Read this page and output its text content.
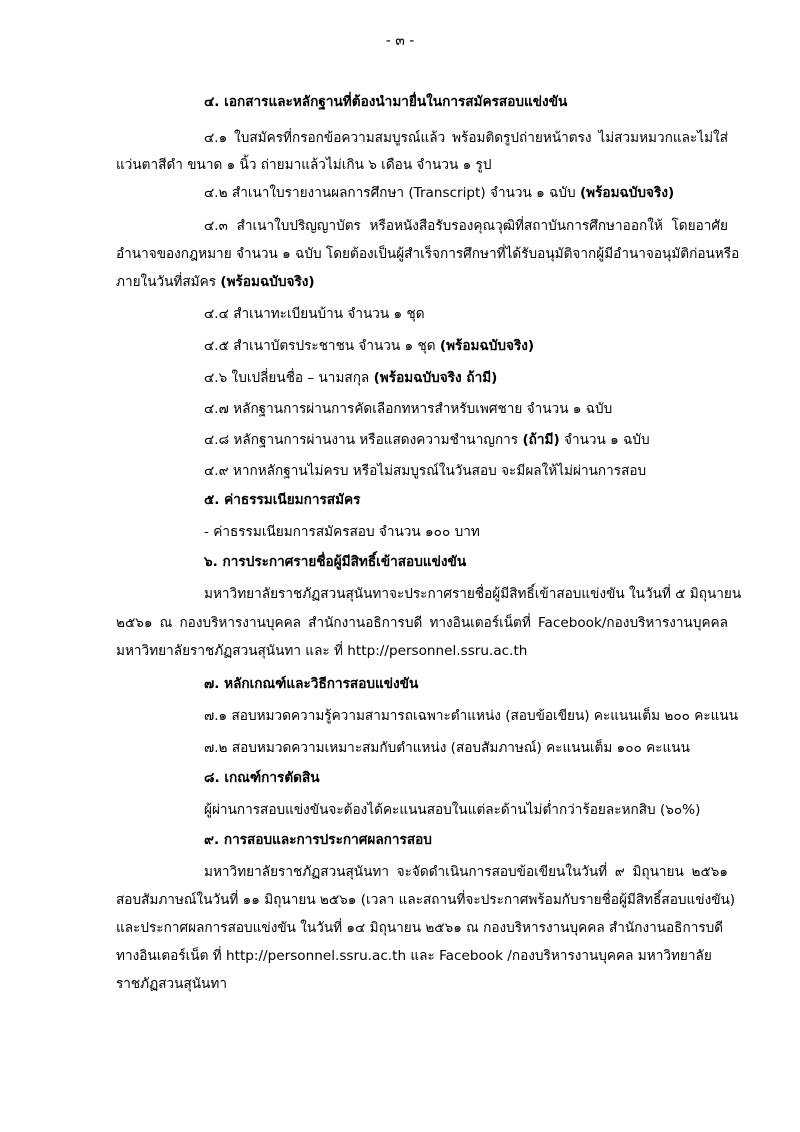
- ๓ -
๔. เอกสารและหลักฐานที่ต้องนำมายื่นในการสมัครสอบแข่งขัน
๔.๑ ใบสมัครที่กรอกข้อความสมบูรณ์แล้ว พร้อมติดรูปถ่ายหน้าตรง ไม่สวมหมวกและไม่ใส่
แว่นตาสีดำ ขนาด ๑ นิ้ว ถ่ายมาแล้วไม่เกิน ๖ เดือน จำนวน ๑ รูป
๔.๒ สำเนาใบรายงานผลการศึกษา (Transcript) จำนวน ๑ ฉบับ (พร้อมฉบับจริง)
๔.๓ สำเนาใบปริญญาบัตร หรือหนังสือรับรองคุณวุฒิที่สถาบันการศึกษาออกให้ โดยอาศัย
อำนาจของกฎหมาย จำนวน ๑ ฉบับ โดยต้องเป็นผู้สำเร็จการศึกษาที่ได้รับอนุมัติจากผู้มีอำนาจอนุมัติก่อนหรือ
ภายในวันที่สมัคร (พร้อมฉบับจริง)
๔.๔ สำเนาทะเบียนบ้าน จำนวน ๑ ชุด
๔.๕ สำเนาบัตรประชาชน จำนวน ๑ ชุด (พร้อมฉบับจริง)
๔.๖ ใบเปลี่ยนชื่อ – นามสกุล (พร้อมฉบับจริง ถ้ามี)
๔.๗ หลักฐานการผ่านการคัดเลือกทหารสำหรับเพศชาย จำนวน ๑ ฉบับ
๔.๘ หลักฐานการผ่านงาน หรือแสดงความชำนาญการ (ถ้ามี) จำนวน ๑ ฉบับ
๔.๙ หากหลักฐานไม่ครบ หรือไม่สมบูรณ์ในวันสอบ จะมีผลให้ไม่ผ่านการสอบ
๕. ค่าธรรมเนียมการสมัคร
- ค่าธรรมเนียมการสมัครสอบ จำนวน ๑๐๐ บาท
๖. การประกาศรายชื่อผู้มีสิทธิ์เข้าสอบแข่งขัน
มหาวิทยาลัยราชภัฏสวนสุนันทาจะประกาศรายชื่อผู้มีสิทธิ์เข้าสอบแข่งขัน ในวันที่ ๕ มิถุนายน
๒๕๖๑ ณ กองบริหารงานบุคคล สำนักงานอธิการบดี ทางอินเตอร์เน็ตที่ Facebook/กองบริหารงานบุคคล
มหาวิทยาลัยราชภัฏสวนสุนันทา และ ที่ http://personnel.ssru.ac.th
๗. หลักเกณฑ์และวิธีการสอบแข่งขัน
๗.๑ สอบหมวดความรู้ความสามารถเฉพาะตำแหน่ง (สอบข้อเขียน) คะแนนเต็ม ๒๐๐ คะแนน
๗.๒ สอบหมวดความเหมาะสมกับตำแหน่ง (สอบสัมภาษณ์) คะแนนเต็ม ๑๐๐ คะแนน
๘. เกณฑ์การตัดสิน
ผู้ผ่านการสอบแข่งขันจะต้องได้คะแนนสอบในแต่ละด้านไม่ต่ำกว่าร้อยละหกสิบ (๖๐%)
๙. การสอบและการประกาศผลการสอบ
มหาวิทยาลัยราชภัฏสวนสุนันทา จะจัดดำเนินการสอบข้อเขียนในวันที่ ๙ มิถุนายน ๒๕๖๑
สอบสัมภาษณ์ในวันที่ ๑๑ มิถุนายน ๒๕๖๑ (เวลา และสถานที่จะประกาศพร้อมกับรายชื่อผู้มีสิทธิ์สอบแข่งขัน)
และประกาศผลการสอบแข่งขัน ในวันที่ ๑๔ มิถุนายน ๒๕๖๑ ณ กองบริหารงานบุคคล สำนักงานอธิการบดี
ทางอินเตอร์เน็ต ที่ http://personnel.ssru.ac.th และ Facebook /กองบริหารงานบุคคล มหาวิทยาลัย
ราชภัฏสวนสุนันทา
